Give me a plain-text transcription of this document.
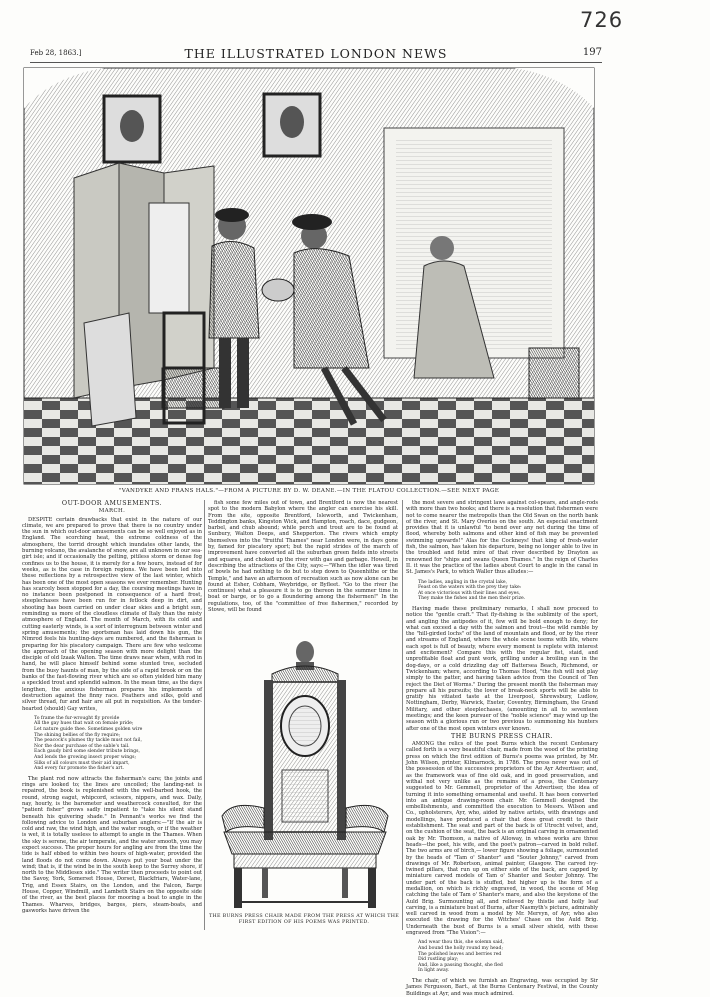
726
Feb 28, 1863.]	THE ILLUSTRATED LONDON NEWS	197
"VANDYKE AND FRANS HALS."—FROM A PICTURE BY D. W. DEANE.—IN THE FLATOU COLLECTION.—SEE NEXT PAGE
OUT-DOOR AMUSEMENTS.
MARCH.

DESPITE certain drawbacks that exist in the nature of our climate, we are prepared to prove that there is no country under the sun in which out-door amusements can be so well enjoyed as in England. The scorching heat, the extreme coldness of the atmosphere, the torrid drought which inundates other lands, the burning volcano, the avalanche of snow, are all unknown in our sea-girt isle; and if occasionally the pelting, pitiless storm or dense fog confines us to the house, it is merely for a few hours, instead of for weeks, as is the case in foreign regions. We have been led into these reflections by a retrospective view of the last winter, which has been one of the most open seasons we ever remember. Hunting has scarcely been stopped for a day, the coursing meetings have in no instance been postponed in consequence of a hard frost, steeplechases have been run for in fetlock deep in dirt, and shooting has been carried on under clear skies and a bright sun, reminding us more of the cloudless climate of Italy than the misty atmosphere of England. The month of March, with its cold and cutting easterly winds, is a sort of interregnum between winter and spring amusements; the sportsman has laid down his gun, the Nimrod feels his hunting-days are numbered, and the fisherman is preparing for his piscatory campaign. There are few who welcome the approach of the opening season with more delight than the disciple of old Izaak Walton. The time draws near when, with rod in hand, he will place himself behind some stunted tree, secluded from the busy haunts of man, by the side of a rapid brook or on the banks of the fast-flowing river which are so often yielded him many a speckled trout and splendid salmon. In the mean time, as the days lengthen, the anxious fisherman prepares his implements of destruction against the finny race. Feathers and silks, gold and silver thread, fur and hair are all put in requisition. As the tender-hearted (should) Gay writes,

To frame the fur-wrought fly provide
All the gay hues that wait on female pride;
Let nature guide thee. Sometimes golden wire
The shining bellies of the fly require;
The peacock's plumes thy tackle must not fail,
Nor the dear purchase of the sable's tail.
Each gaudy bird some slender tribute brings,
And lends the growing insect proper wings;
Silks of all colours must their aid impart,
And every fur promote the fisher's art.

The plant rod now attracts the fisherman's care; the joints and rings are looked to; the lines are uncoiled; the landing-net is repaired, the book is replenished with the well-barbed hook, the round, strong eagut, whipcord, scissors, nippers, and wax. Daily, nay, hourly, is the barometer and weathercock consulted, for the "patient fisher" grows sadly impatient to "take his silent stand beneath his quivering shade." In Pennant's works we find the following advice to London and suburban anglers:—"If the air is cold and raw, the wind high, and the water rough, or if the weather is wet, it is totally useless to attempt to angle in the Thames. When the sky is serene, the air temperate, and the water smooth, you may expect success. The proper hours for angling are from the time the tide is half ebbed to within two hours of high-water, provided the land floods do not come down. Always put your boat under the wind; that is, if the wind be in the south keep to the Surrey shore, if north to the Middlesex side." The writer then proceeds to point out the Savoy, York, Somerset House, Dorset, Blackfriars, Water-lane, Trig, and Essex Stairs, on the London, and the Falcon, Barge House, Copper, Windmill, and Lambeth Stairs on the opposite side of the river, as the best places for mooring a boat to angle in the Thames. Wharves, bridges, barges, piers, steam-boats, and gasworks have driven the

fish some few miles out of town, and Brentford is now the nearest spot to the modern Babylon where the angler can exercise his skill. From the site, opposite Brentford, Isleworth, and Twickenham, Teddington banks, Kingston Wick, and Hampton, roach, dace, gudgeon, barbel, and chub abound; while perch and trout are to be found at Sunbury, Walton Deeps, and Shepperton. The rivers which empty themselves into the "fruitful Thames" near London were, in days gone by, famed for piscatory sport; but the rapid strides of the march of improvement have converted all the suburban green fields into streets and squares, and choked up the river with gas and garbage. Howell, in describing the attractions of the City, says:—"When the idler was tired of bowls he had nothing to do but to step down to Queenhithe or the Temple," and have an afternoon of recreation such as now alone can be found at Esher, Cobham, Weybridge, or Byfleet. "Go to the river (he continues) what a pleasure it is to go thereon in the summer time in boat or barge, or to go a floundering among the fishermen!" In the regulations, too, of the "committee of free fishermen," recorded by Stowe, will be found

THE BURNS PRESS CHAIR MADE FROM THE PRESS AT WHICH THE FIRST EDITION OF HIS POEMS WAS PRINTED.

the most severe and stringent laws against col-spears, and angle-rods with more than two hooks; and there is a resolution that fishermen were not to come nearer the metropolis than the Old Swan on the north bank of the river, and St. Mary Overies on the south. An especial enactment provides that it is unlawful "to bend over any net during the time of flood, whereby both salmons and other kind of fish may be prevented swimming upwards!" Alas for the Cockneys! that king of fresh-water fish, the salmon, has taken his departure, being no longer able to live in the troubled and fetid mire of that river described by Drayton as renowned for "ships and swans Queen Thames." In the reign of Charles II. it was the practice of the ladies about Court to angle in the canal in St. James's Park, to which Waller thus alludes:—

The ladies, angling in the crystal lake,
Feast on the waters with the prey they take:
At once victorious with their lines and eyes,
They make the fishes and the men their prize.

Having made these preliminary remarks, I shall now proceed to notice the "gentle craft." That fly-fishing is the sublimity of the sport, and angling the antipodes of it, few will be bold enough to deny; for what can exceed a day with the salmon and trout—the wild ramble by the "hill-girded lochs" of the land of mountain and flood, or by the river and streams of England, where the whole scene teems with life, where each spot is full of beauty, where every moment is replete with interest and excitement? Compare this with the regular fist, staid, and unprofitable float and punt work, grilling under a broiling sun in the dog-days, or a cold drizzling day off Battersea Beach, Richmond, or Twickenham; where, according to Thomas Hood, "the fish will not play simply to the patter, and having taken advice from the Council of Ten reject the Diet of Worms." During the present month the fisherman may prepare all his pursuits; the lover of break-neck sports will be able to gratify his vitiated taste at the Liverpool, Shrewsbury, Ludlow, Nottingham, Derby, Warwick, Exeter, Coventry, Birmingham, the Grand Military, and other steeplechases, (amounting in all to seventeen meetings; and the keen pursuer of the "noble science" may wind up the season with a glorious run or two previous to summoning his hunters after one of the most open winters ever known.

THE BURNS PRESS CHAIR.

AMONG the relics of the poet Burns which the recent Centenary called forth is a very beautiful chair, made from the wood of the printing press on which the first edition of Burns's poems was printed, by Mr. John Wilson, printer, Kilmarnock, in 1786. The press never was out of the possession of the successive proprietors of the Ayr Advertiser; and, as the framework was of fine old oak, and in good preservation, and withal not very unlike as the remains of a press, the Centenary suggested to Mr. Gemmell, proprietor of the Advertiser, the idea of turning it into something ornamental and useful. It has been converted into an antique drawing-room chair. Mr. Gemmell designed the embellishments, and committed the execution to Messrs. Wilson and Co., upholsterers, Ayr, who, aided by native artists, with drawings and modellings, have produced a chair that does great credit to their establishment. The seat and part of the back is of Utrecht velvet, and, on the cushion of the seat, the back is an original carving in ornamented oak by Mr. Thomson, a native of Alloway, in whose works are three heads—the poet, his wife, and the poet's patron—carved in bold relief. The two arms are of birch,— lower figure showing a foliage, surmounted by the heads of "Tam o' Shanter" and "Souter Johnny," carved from drawings of Mr. Robertson, animal painter, Glasgow. The carved ivy-twined pillars, that run up on either side of the back, are capped by miniature carved models of Tam o' Shanter and Souter Johnny. The under part of the back is stuffed, but higher up is the form of a medallion, on which is richly engraved, in wood, the scene of Meg catching the tale of Tam o' Shanter's mare, and also the keystone of the Auld Brig. Surmounting all, and relieved by thistle and holly leaf carving, is a miniature bust of Burns, after Nasmyth's picture, admirably well carved in wood from a model by Mr. Mervyn, of Ayr, who also executed the drawing for the Witches' Chase on the Auld Brig. Underneath the bust of Burns is a small silver shield, with these engraved from "The Vision":—

And wear thou this, she solemn said,
And bound the holly round my head;
The polished leaves and berries red
Did rustling play;
And, like a passing thought, she fled
In light away.

The chair, of which we furnish an Engraving, was occupied by Sir James Fergusson, Bart., at the Burns Centenary Festival, in the County Buildings at Ayr, and was much admired.
